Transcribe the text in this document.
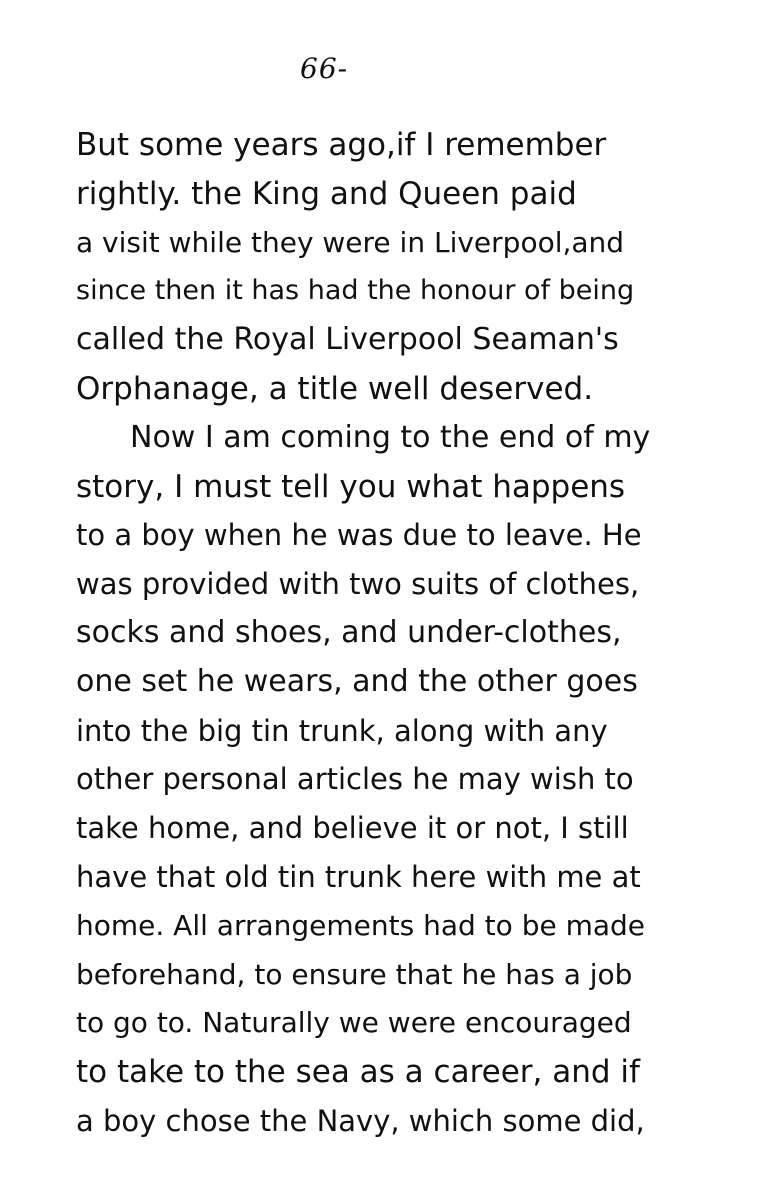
66-
But some years ago,if I remember
rightly. the King and Queen paid
a visit while they were in Liverpool,and
since then it has had the honour of being
called the Royal Liverpool Seaman's
Orphanage, a title well deserved.
Now I am coming to the end of my
story, I must tell you what happens
to a boy when he was due to leave. He
was provided with two suits of clothes,
socks and shoes, and under-clothes,
one set he wears, and the other goes
into the big tin trunk, along with any
other personal articles he may wish to
take home, and believe it or not, I still
have that old tin trunk here with me at
home. All arrangements had to be made
beforehand, to ensure that he has a job
to go to. Naturally we were encouraged
to take to the sea as a career, and if
a boy chose the Navy, which some did,
